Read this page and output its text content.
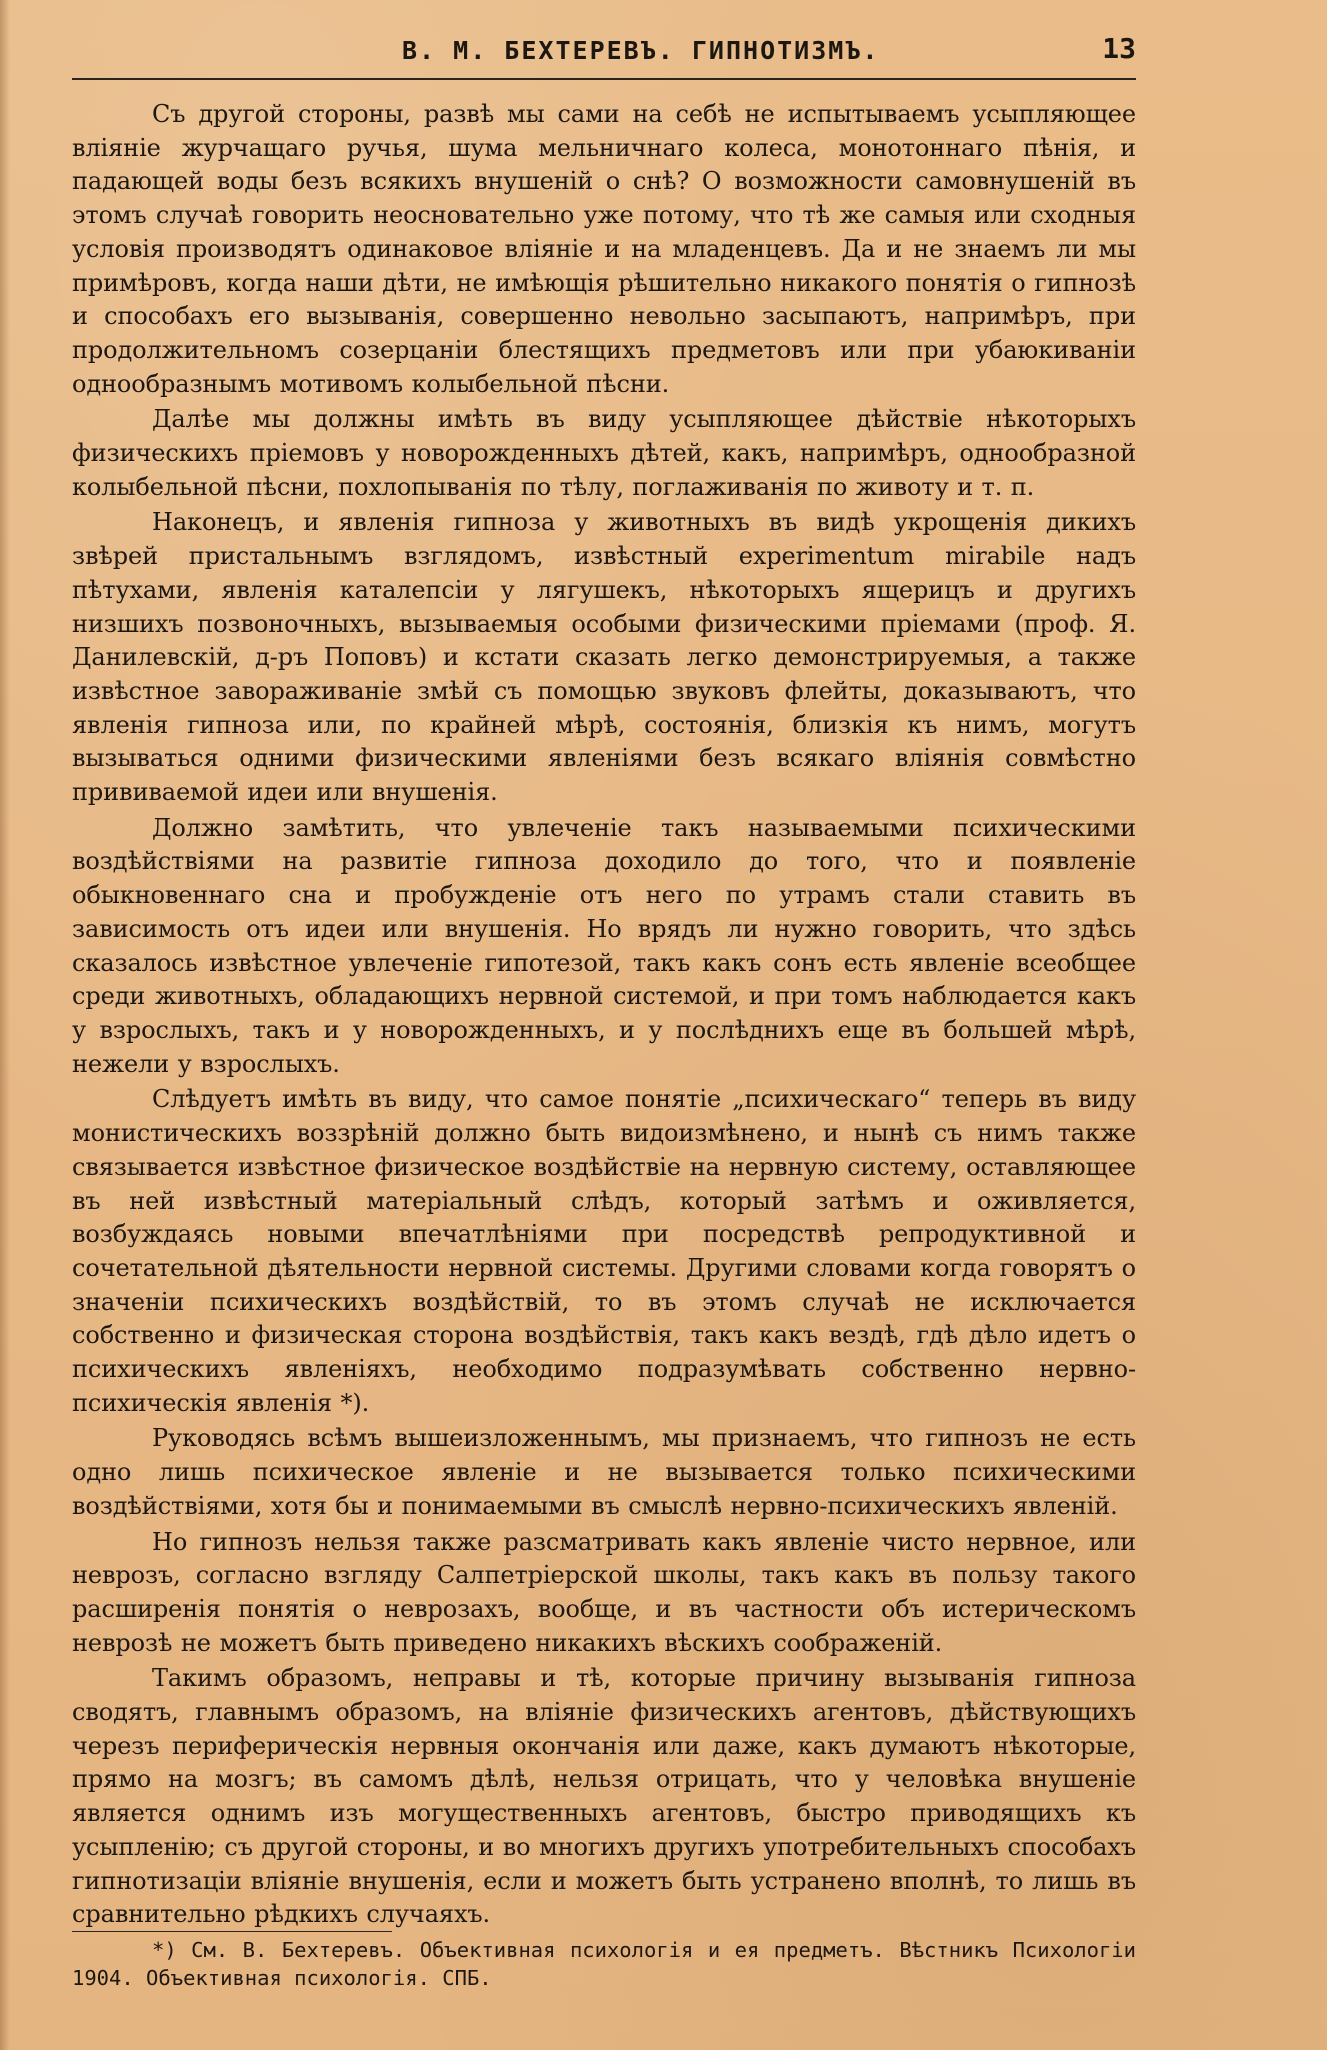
В. М. БЕХТЕРЕВЪ. ГИПНОТИЗМЪ.	13

Съ другой стороны, развѣ мы сами на себѣ не испытываемъ усыпляющее вліяніе журчащаго ручья, шума мельничнаго колеса, монотоннаго пѣнія, и падающей воды безъ всякихъ внушеній о снѣ? О возможности самовнушеній въ этомъ случаѣ говорить неосновательно уже потому, что тѣ же самыя или сходныя условія производятъ одинаковое вліяніе и на младенцевъ. Да и не знаемъ ли мы примѣровъ, когда наши дѣти, не имѣющія рѣшительно никакого понятія о гипнозѣ и способахъ его вызыванія, совершенно невольно засыпаютъ, напримѣръ, при продолжительномъ созерцаніи блестящихъ предметовъ или при убаюкиваніи однообразнымъ мотивомъ колыбельной пѣсни.

Далѣе мы должны имѣть въ виду усыпляющее дѣйствіе нѣкоторыхъ физическихъ пріемовъ у новорожденныхъ дѣтей, какъ, напримѣръ, однообразной колыбельной пѣсни, похлопыванія по тѣлу, поглаживанія по животу и т. п.

Наконецъ, и явленія гипноза у животныхъ въ видѣ укрощенія дикихъ звѣрей пристальнымъ взглядомъ, извѣстный experimentum mirabile надъ пѣтухами, явленія каталепсіи у лягушекъ, нѣкоторыхъ ящерицъ и другихъ низшихъ позвоночныхъ, вызываемыя особыми физическими пріемами (проф. Я. Данилевскій, д-ръ Поповъ) и кстати сказать легко демонстрируемыя, а также извѣстное завораживаніе змѣй съ помощью звуковъ флейты, доказываютъ, что явленія гипноза или, по крайней мѣрѣ, состоянія, близкія къ нимъ, могутъ вызываться одними физическими явленіями безъ всякаго вліянія совмѣстно прививаемой идеи или внушенія.

Должно замѣтить, что увлеченіе такъ называемыми психическими воздѣйствіями на развитіе гипноза доходило до того, что и появленіе обыкновеннаго сна и пробужденіе отъ него по утрамъ стали ставить въ зависимость отъ идеи или внушенія. Но врядъ ли нужно говорить, что здѣсь сказалось извѣстное увлеченіе гипотезой, такъ какъ сонъ есть явленіе всеобщее среди животныхъ, обладающихъ нервной системой, и при томъ наблюдается какъ у взрослыхъ, такъ и у новорожденныхъ, и у послѣднихъ еще въ большей мѣрѣ, нежели у взрослыхъ.

Слѣдуетъ имѣть въ виду, что самое понятіе „психическаго“ теперь въ виду монистическихъ воззрѣній должно быть видоизмѣнено, и нынѣ съ нимъ также связывается извѣстное физическое воздѣйствіе на нервную систему, оставляющее въ ней извѣстный матеріальный слѣдъ, который затѣмъ и оживляется, возбуждаясь новыми впечатлѣніями при посредствѣ репродуктивной и сочетательной дѣятельности нервной системы. Другими словами когда говорятъ о значеніи психическихъ воздѣйствій, то въ этомъ случаѣ не исключается собственно и физическая сторона воздѣйствія, такъ какъ вездѣ, гдѣ дѣло идетъ о психическихъ явленіяхъ, необходимо подразумѣвать собственно нервно-психическія явленія *).

Руководясь всѣмъ вышеизложеннымъ, мы признаемъ, что гипнозъ не есть одно лишь психическое явленіе и не вызывается только психическими воздѣйствіями, хотя бы и понимаемыми въ смыслѣ нервно-психическихъ явленій.

Но гипнозъ нельзя также разсматривать какъ явленіе чисто нервное, или неврозъ, согласно взгляду Салпетріерской школы, такъ какъ въ пользу такого расширенія понятія о неврозахъ, вообще, и въ частности объ истерическомъ неврозѣ не можетъ быть приведено никакихъ вѣскихъ соображеній.

Такимъ образомъ, неправы и тѣ, которые причину вызыванія гипноза сводятъ, главнымъ образомъ, на вліяніе физическихъ агентовъ, дѣйствующихъ черезъ периферическія нервныя окончанія или даже, какъ думаютъ нѣкоторые, прямо на мозгъ; въ самомъ дѣлѣ, нельзя отрицать, что у человѣка внушеніе является однимъ изъ могущественныхъ агентовъ, быстро приводящихъ къ усыпленію; съ другой стороны, и во многихъ другихъ употребительныхъ способахъ гипнотизаціи вліяніе внушенія, если и можетъ быть устранено вполнѣ, то лишь въ сравнительно рѣдкихъ случаяхъ.

*) См. В. Бехтеревъ. Объективная психологія и ея предметъ. Вѣстникъ Психологіи 1904. Объективная психологія. СПБ.
